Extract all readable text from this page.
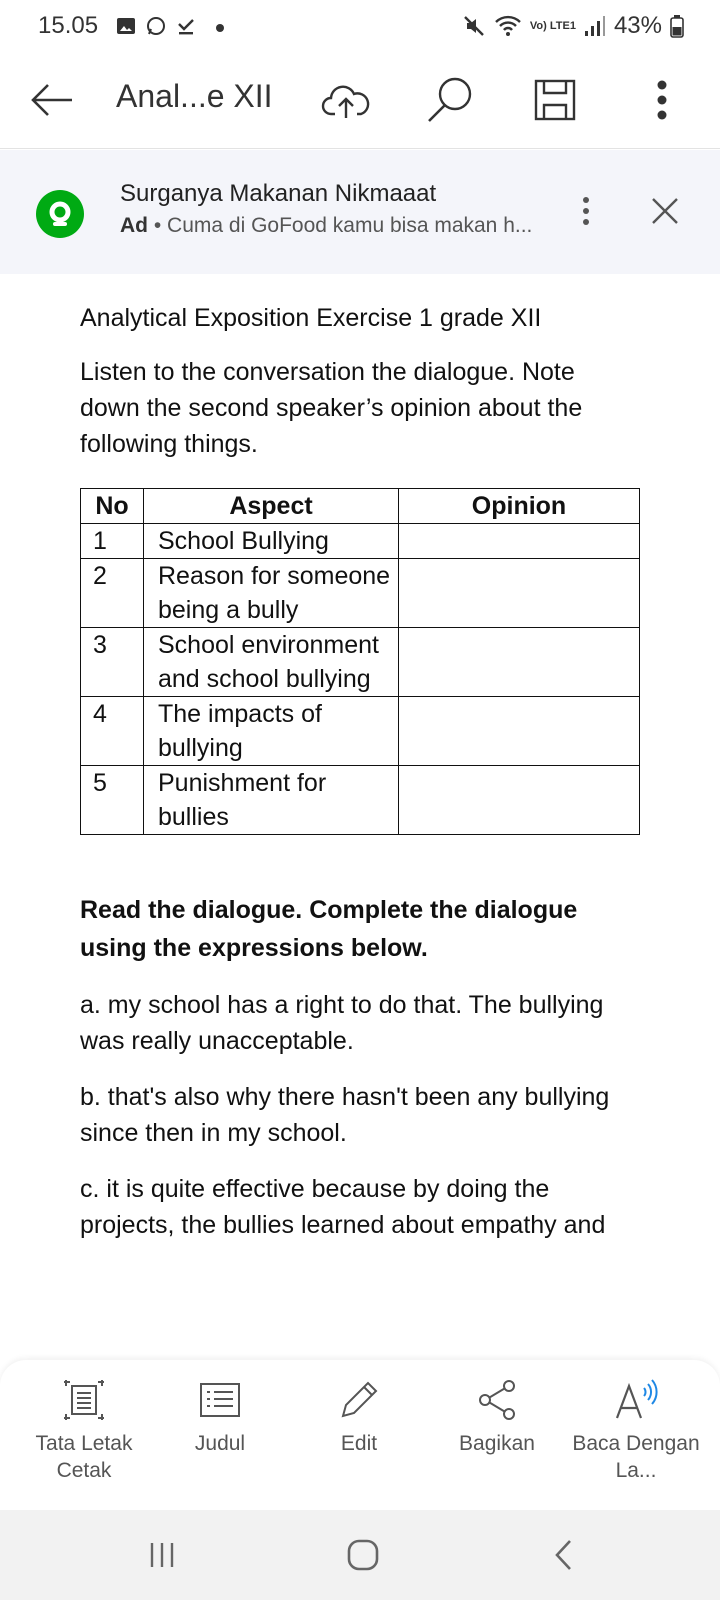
15.05	Vo) LTE1 43%
Anal...e XII
Surganya Makanan Nikmaaat
Ad • Cuma di GoFood kamu bisa makan h...

Analytical Exposition Exercise 1 grade XII

Listen to the conversation the dialogue. Note down the second speaker’s opinion about the following things.

No	Aspect	Opinion
1	School Bullying	
2	Reason for someone being a bully	
3	School environment and school bullying	
4	The impacts of bullying	
5	Punishment for bullies	

Read the dialogue. Complete the dialogue using the expressions below.

a. my school has a right to do that. The bullying was really unacceptable.

b. that's also why there hasn't been any bullying since then in my school.

c. it is quite effective because by doing the projects, the bullies learned about empathy and

Tata Letak Cetak
Judul	Edit	Bagikan	Baca Dengan La...
